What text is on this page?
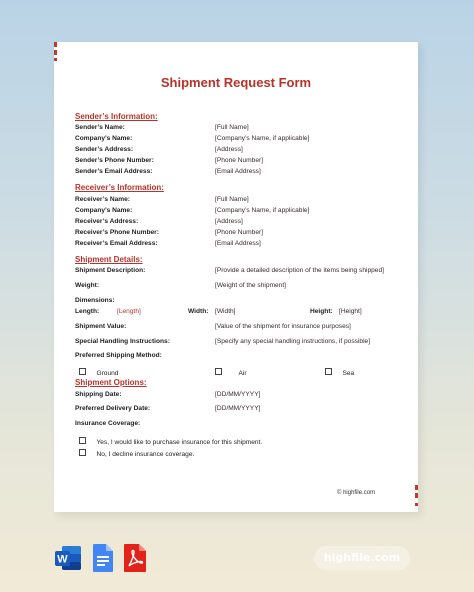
Shipment Request Form
Sender’s Information:
Sender’s Name:	[Full Name]
Company’s Name:	[Company’s Name, if applicable]
Sender’s Address:	[Address]
Sender’s Phone Number:	[Phone Number]
Sender’s Email Address:	[Email Address]
Receiver’s Information:
Receiver’s Name:	[Full Name]
Company’s Name:	[Company’s Name, if applicable]
Receiver’s Address:	[Address]
Receiver’s Phone Number:	[Phone Number]
Receiver’s Email Address:	[Email Address]
Shipment Details:
Shipment Description:	[Provide a detailed description of the items being shipped]
Weight:	[Weight of the shipment]
Dimensions:
Length:	[Length]	Width: [Width]	Height: [Height]
Shipment Value:	[Value of the shipment for insurance purposes]
Special Handling Instructions:	[Specify any special handling instructions, if possible]
Preferred Shipping Method:
Ground	Air	Sea
Shipment Options:
Shipping Date:	[DD/MM/YYYY]
Preferred Delivery Date:	[DD/MM/YYYY]
Insurance Coverage:
Yes, I would like to purchase insurance for this shipment.
No, I decline insurance coverage.
© highfile.com
W	highfile.com
